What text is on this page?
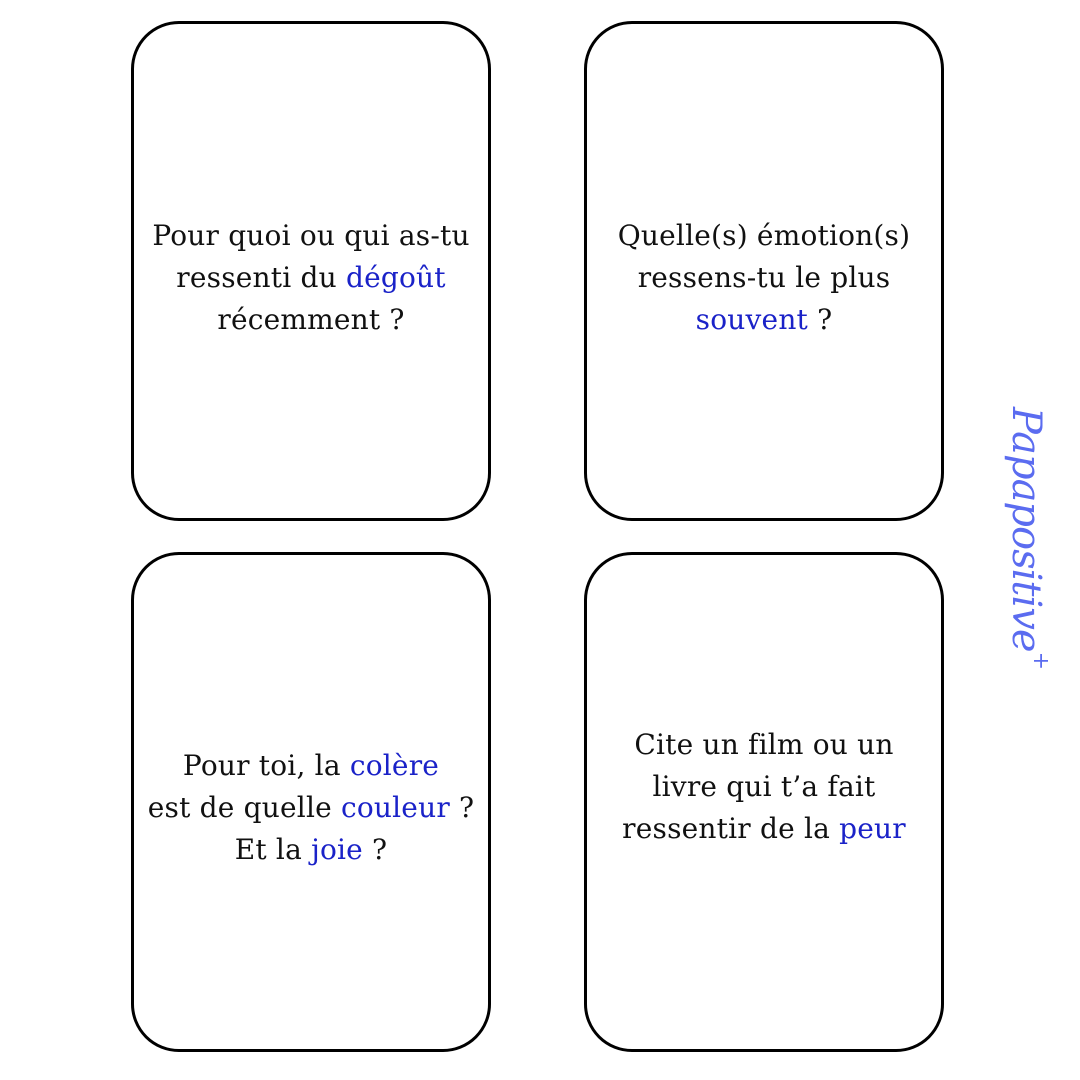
Pour quoi ou qui as-tu
ressenti du dégoût
récemment ?
Quelle(s) émotion(s)
ressens-tu le plus
souvent ?
Pour toi, la colère
est de quelle couleur ?
Et la joie ?
Cite un film ou un
livre qui t’a fait
ressentir de la peur
Papapositive+
